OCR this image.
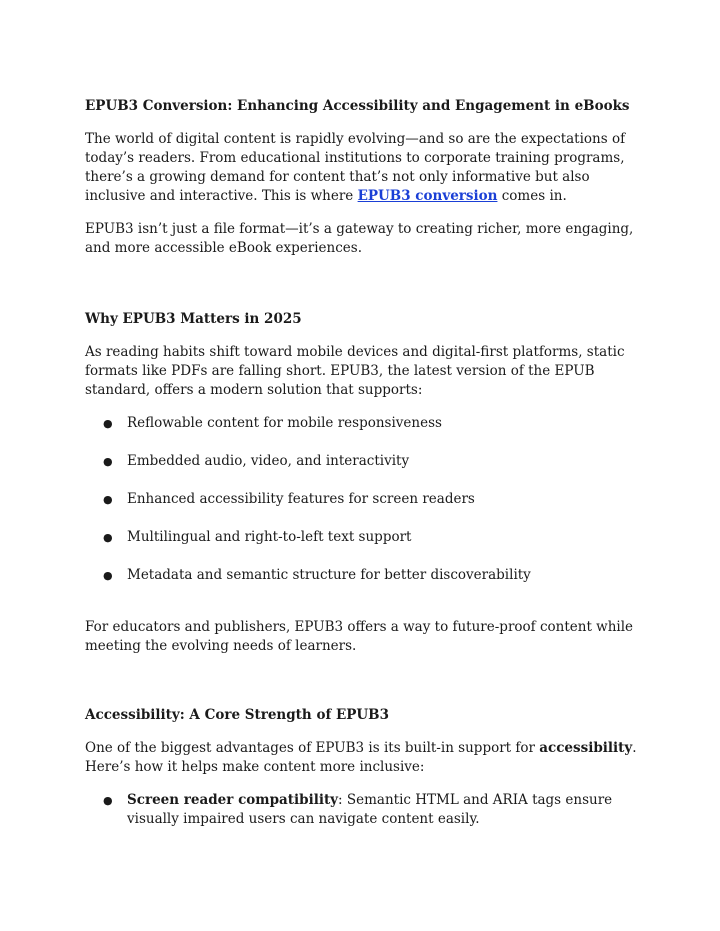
EPUB3 Conversion: Enhancing Accessibility and Engagement in eBooks

The world of digital content is rapidly evolving—and so are the expectations of today’s readers. From educational institutions to corporate training programs, there’s a growing demand for content that’s not only informative but also inclusive and interactive. This is where EPUB3 conversion comes in.

EPUB3 isn’t just a file format—it’s a gateway to creating richer, more engaging, and more accessible eBook experiences.

Why EPUB3 Matters in 2025

As reading habits shift toward mobile devices and digital-first platforms, static formats like PDFs are falling short. EPUB3, the latest version of the EPUB standard, offers a modern solution that supports:

● Reflowable content for mobile responsiveness
● Embedded audio, video, and interactivity
● Enhanced accessibility features for screen readers
● Multilingual and right-to-left text support
● Metadata and semantic structure for better discoverability

For educators and publishers, EPUB3 offers a way to future-proof content while meeting the evolving needs of learners.

Accessibility: A Core Strength of EPUB3

One of the biggest advantages of EPUB3 is its built-in support for accessibility. Here’s how it helps make content more inclusive:

● Screen reader compatibility: Semantic HTML and ARIA tags ensure visually impaired users can navigate content easily.
